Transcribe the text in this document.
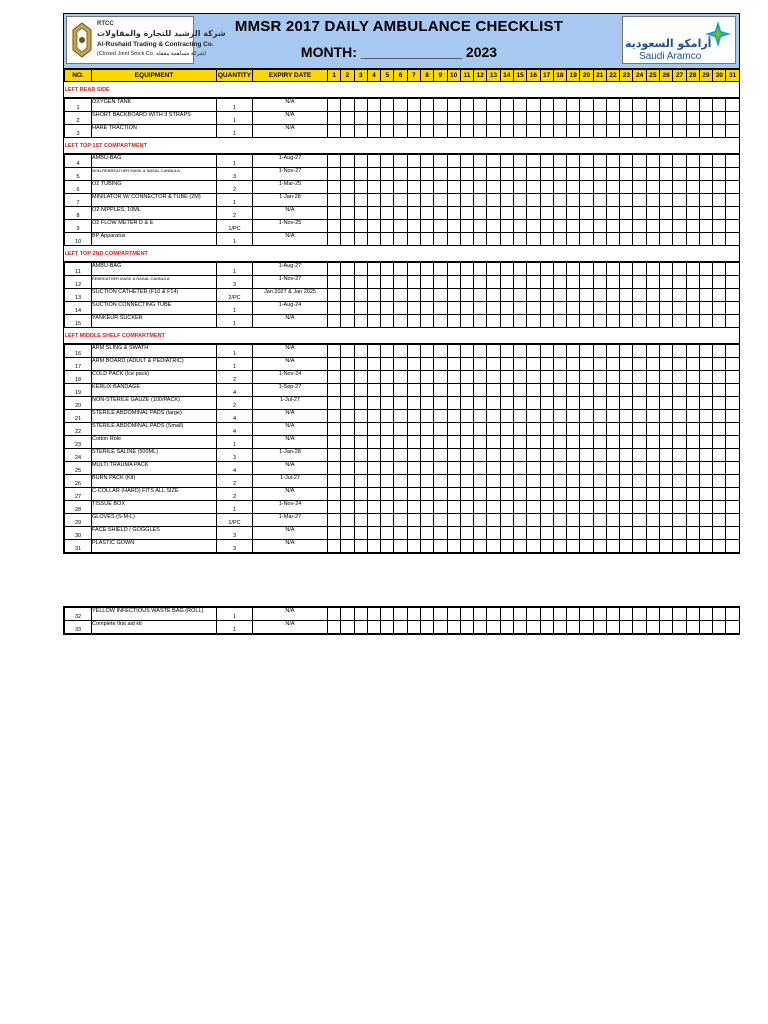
RTCC
شركة الرشيد للتجارة والمقاولات
Al-Rushaid Trading & Contracting Co.
(Closed Joint Stock Co. شركة مساهمة مقفلة)
MMSR 2017 DAILY AMBULANCE CHECKLIST
MONTH: _____________ 2023
أرامكو السعودية
Saudi Aramco
NO.	EQUIPMENT	QUANTITY	EXPIRY DATE	1	2	3	4	5	6	7	8	9	10	11	12	13	14	15	16	17	18	19	20	21	22	23	24	25	26	27	28	29	30	31
LEFT REAR SIDE																																		
1	OXYGEN TANK	1	N/A																															
2	SHORT BACKBOARD WITH 3 STRAPS	1	N/A																															
3	HARE TRACTION	1	N/A																															
LEFT TOP 1ST COMPARTMENT																																		
4	AMBU-BAG	1	1-Aug-27																															
5	NON-REBREATHER MASK & NASAL CANNULA	3	1-Nov-27																															
6	O2 TUBING	2	1-Mar-25																															
7	MINILATOR W/ CONNECTOR & TUBE (2M)	1	1-Jan-28																															
8	O2 NIPPLES, 10ML	2	N/A																															
9	O2 FLOW METER D & E	1/PC	1-Nov-25																															
10	BP Apparatus	1	N/A																															
LEFT TOP 2ND COMPARTMENT																																		
11	AMBU-BAG	1	1-Aug-27																															
12	REBREATHER MASK & NASAL CANNULA	3	1-Nov-27																															
13	SUCTION CATHETER (F10 & F14)	2/PC	Jan 2027 & Jan 2025																															
14	SUCTION CONNECTING TUBE	1	1-Aug-24																															
15	YANKEUR SUCKER	1	N/A																															
LEFT MIDDLE SHELF COMPARTMENT																																		
16	ARM SLING & SWATH	1	N/A																															
17	ARM BOARD (ADULT & PEDIATRIC)	1	N/A																															
18	COLD PACK (Ice pack)	2	1-Nov-24																															
19	KERLIX BANDAGE	4	1-Sep-27																															
20	NON-STERILE GAUZE (100/PACK)	2	1-Jul-27																															
21	STERILE ABDOMINAL PADS (large)	4	N/A																															
22	STERILE ABDOMINAL PADS (Small)	4	N/A																															
23	Cotton Role	1	N/A																															
24	STERILE SALINE (500ML)	3	1-Jan-28																															
25	MULTI TRAUMA PACK	4	N/A																															
26	BURN PACK (Kit)	2	1-Jul-27																															
27	C-COLLAR (HARD) FITS ALL SIZE	2	N/A																															
28	TISSUE BOX	1	1-Nov-24																															
29	GLOVES (S-M-L)	1/PC	1-Mar-27																															
30	FACE SHIELD / GOGGLES	3	N/A																															
31	PLASTIC GOWN	3	N/A																															
32	YELLOW INFECTIOUS WASTE BAG (ROLL)	1	N/A																															
33	Complete first aid kit	1	N/A																															
